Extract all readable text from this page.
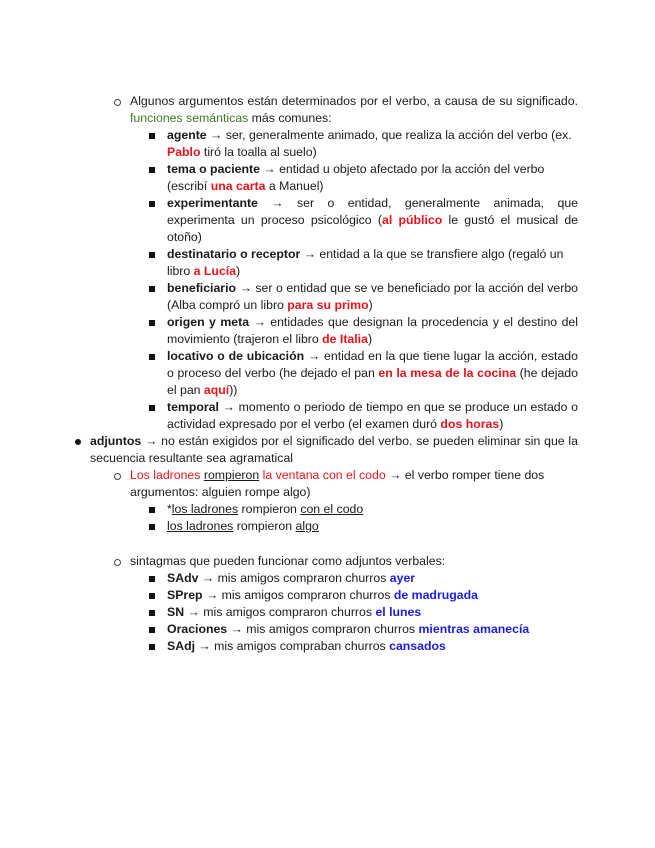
Algunos argumentos están determinados por el verbo, a causa de su significado. funciones semánticas más comunes:
agente → ser, generalmente animado, que realiza la acción del verbo (ex. Pablo tiró la toalla al suelo)
tema o paciente → entidad u objeto afectado por la acción del verbo (escribí una carta a Manuel)
experimentante → ser o entidad, generalmente animada, que experimenta un proceso psicológico (al público le gustó el musical de otoño)
destinatario o receptor → entidad a la que se transfiere algo (regaló un libro a Lucía)
beneficiario → ser o entidad que se ve beneficiado por la acción del verbo (Alba compró un libro para su primo)
origen y meta → entidades que designan la procedencia y el destino del movimiento (trajeron el libro de Italia)
locativo o de ubicación → entidad en la que tiene lugar la acción, estado o proceso del verbo (he dejado el pan en la mesa de la cocina (he dejado el pan aquí))
temporal → momento o periodo de tiempo en que se produce un estado o actividad expresado por el verbo (el examen duró dos horas)
adjuntos → no están exigidos por el significado del verbo. se pueden eliminar sin que la secuencia resultante sea agramatical
Los ladrones rompieron la ventana con el codo → el verbo romper tiene dos argumentos: alguien rompe algo)
*los ladrones rompieron con el codo
los ladrones rompieron algo
sintagmas que pueden funcionar como adjuntos verbales:
SAdv → mis amigos compraron churros ayer
SPrep → mis amigos compraron churros de madrugada
SN → mis amigos compraron churros el lunes
Oraciones → mis amigos compraron churros mientras amanecía
SAdj → mis amigos compraban churros cansados
